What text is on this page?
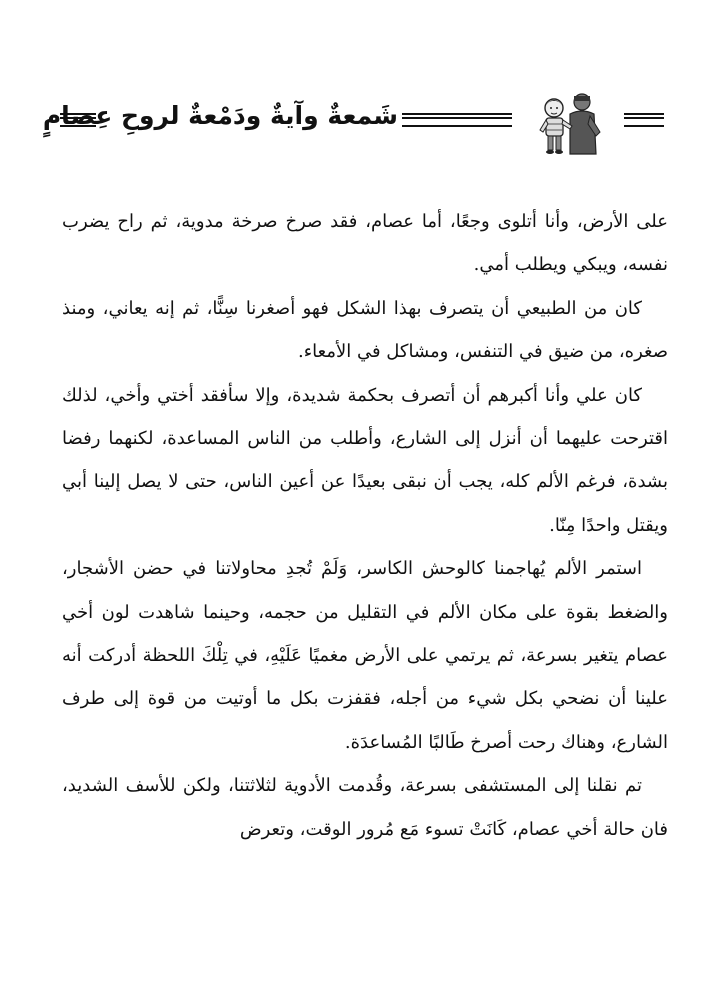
شَمعةٌ وآيةٌ ودَمْعةٌ لروحِ عِصامٍ

على الأرض، وأنا أتلوى وجعًا، أما عصام، فقد صرخ صرخة مدوية، ثم راح يضرب نفسه، ويبكي ويطلب أمي.

كان من الطبيعي أن يتصرف بهذا الشكل فهو أصغرنا سِنًّا، ثم إنه يعاني، ومنذ صغره، من ضيق في التنفس، ومشاكل في الأمعاء.

كان علي وأنا أكبرهم أن أتصرف بحكمة شديدة، وإلا سأفقد أختي وأخي، لذلك اقترحت عليهما أن أنزل إلى الشارع، وأطلب من الناس المساعدة، لكنهما رفضا بشدة، فرغم الألم كله، يجب أن نبقى بعيدًا عن أعين الناس، حتى لا يصل إلينا أبي ويقتل واحدًا مِنّا.

استمر الألم يُهاجمنا كالوحش الكاسر، وَلَمْ تُجدِ محاولاتنا في حضن الأشجار، والضغط بقوة على مكان الألم في التقليل من حجمه، وحينما شاهدت لون أخي عصام يتغير بسرعة، ثم يرتمي على الأرض مغميًا عَلَيْهِ، في تِلْكَ اللحظة أدركت أنه علينا أن نضحي بكل شيء من أجله، فقفزت بكل ما أوتيت من قوة إلى طرف الشارع، وهناك رحت أصرخ طَالبًا المُساعدَة.

تم نقلنا إلى المستشفى بسرعة، وقُدمت الأدوية لثلاثتنا، ولكن للأسف الشديد، فان حالة أخي عصام، كَانَتْ تسوء مَع مُرور الوقت، وتعرض
